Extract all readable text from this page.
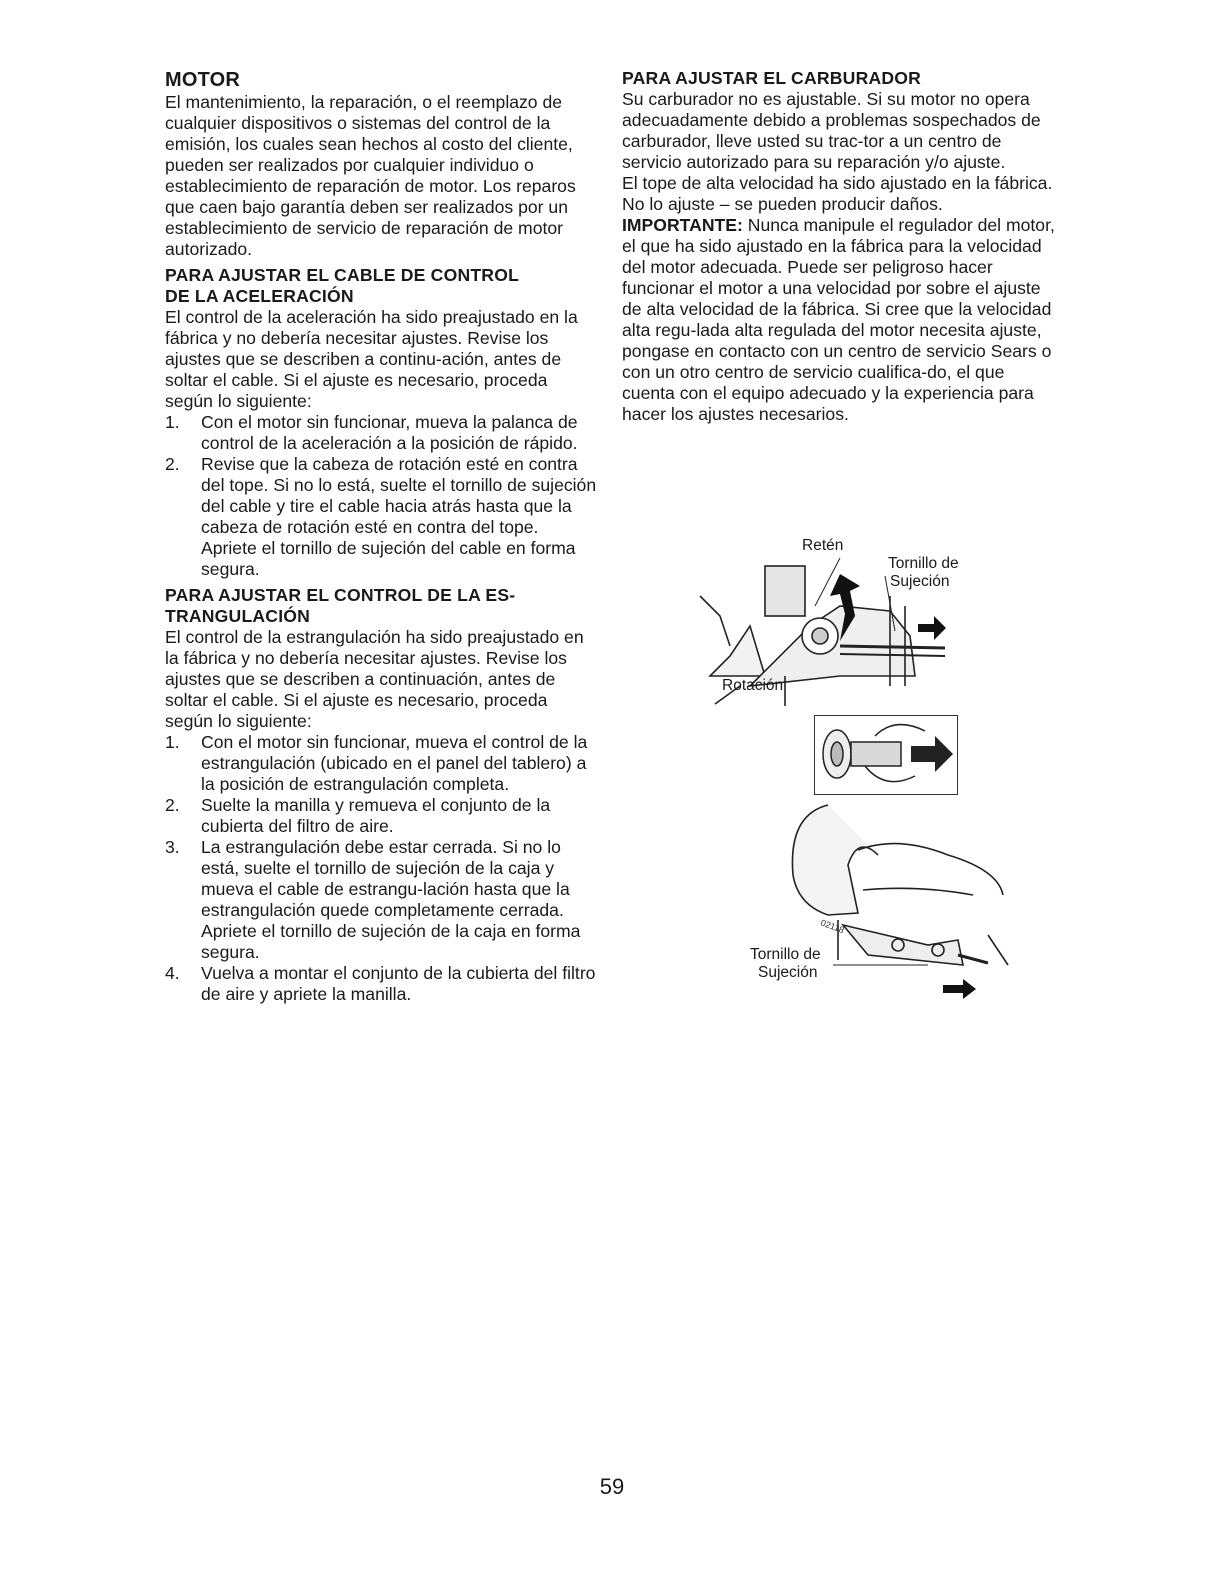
MOTOR

El mantenimiento, la reparación, o el reemplazo de cualquier dispositivos o sistemas del control de la emisión, los cuales sean hechos al costo del cliente, pueden ser realizados por cualquier individuo o establecimiento de reparación de motor. Los reparos que caen bajo garantía deben ser realizados por un establecimiento de servicio de reparación de motor autorizado.

PARA AJUSTAR EL CABLE DE CONTROL
DE LA ACELERACIÓN

El control de la aceleración ha sido preajustado en la fábrica y no debería necesitar ajustes. Revise los ajustes que se describen a continu-ación, antes de soltar el cable. Si el ajuste es necesario, proceda según lo siguiente:

1. Con el motor sin funcionar, mueva la palanca de control de la aceleración a la posición de rápido.
2. Revise que la cabeza de rotación esté en contra del tope. Si no lo está, suelte el tornillo de sujeción del cable y tire el cable hacia atrás hasta que la cabeza de rotación esté en contra del tope. Apriete el tornillo de sujeción del cable en forma segura.
PARA AJUSTAR EL CONTROL DE LA ES-
TRANGULACIÓN

El control de la estrangulación ha sido preajustado en la fábrica y no debería necesitar ajustes. Revise los ajustes que se describen a continuación, antes de soltar el cable. Si el ajuste es necesario, proceda según lo siguiente:

1. Con el motor sin funcionar, mueva el control de la estrangulación (ubicado en el panel del tablero) a la posición de estrangulación completa.
2. Suelte la manilla y remueva el conjunto de la cubierta del filtro de aire.
3. La estrangulación debe estar cerrada. Si no lo está, suelte el tornillo de sujeción de la caja y mueva el cable de estrangu-lación hasta que la estrangulación quede completamente cerrada. Apriete el tornillo de sujeción de la caja en forma segura.
4. Vuelva a montar el conjunto de la cubierta del filtro de aire y apriete la manilla.
PARA AJUSTAR EL CARBURADOR

Su carburador no es ajustable. Si su motor no opera adecuadamente debido a problemas sospechados de carburador, lleve usted su trac-tor a un centro de servicio autorizado para su reparación y/o ajuste.

El tope de alta velocidad ha sido ajustado en la fábrica. No lo ajuste – se pueden producir daños.

IMPORTANTE: Nunca manipule el regulador del motor, el que ha sido ajustado en la fábrica para la velocidad del motor adecuada. Puede ser peligroso hacer funcionar el motor a una velocidad por sobre el ajuste de alta velocidad de la fábrica. Si cree que la velocidad alta regu-lada alta regulada del motor necesita ajuste, pongase en contacto con un centro de servicio Sears o con un otro centro de servicio cualifica-do, el que cuenta con el equipo adecuado y la experiencia para hacer los ajustes necesarios.

Retén
Tornillo de
Sujeción
Rotación
02118
Tornillo de
Sujeción
59
